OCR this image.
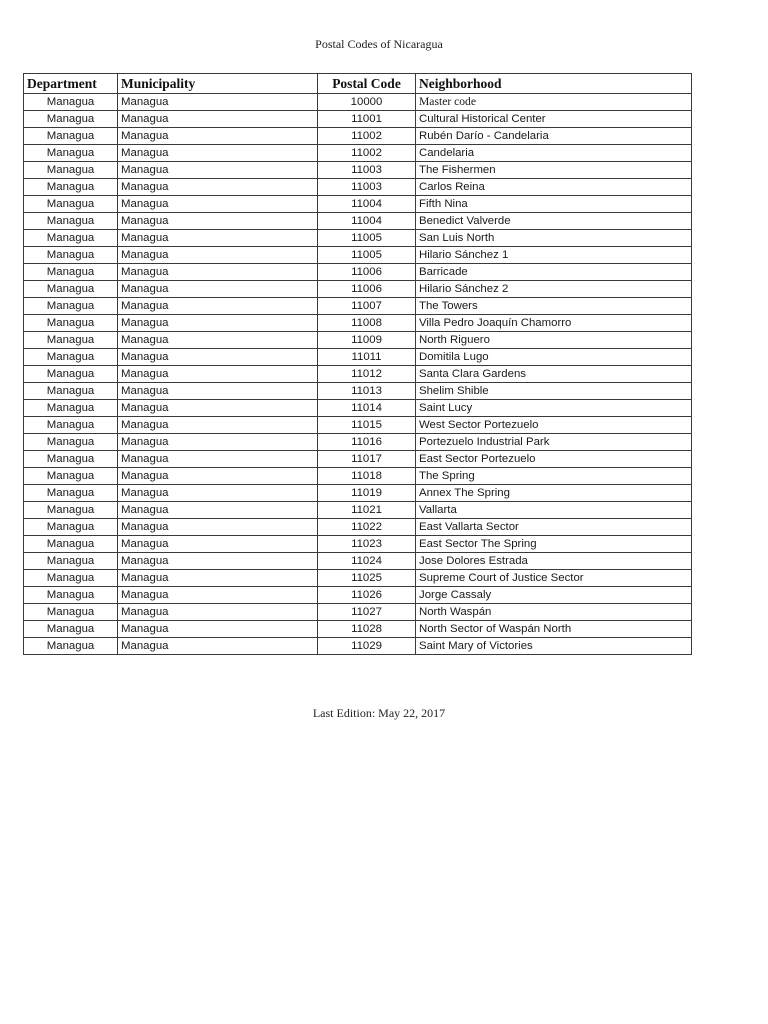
Postal Codes of Nicaragua
Department	Municipality	Postal Code	Neighborhood
Managua	Managua	10000	Master code
Managua	Managua	11001	Cultural Historical Center
Managua	Managua	11002	Rubén Darío - Candelaria
Managua	Managua	11002	Candelaria
Managua	Managua	11003	The Fishermen
Managua	Managua	11003	Carlos Reina
Managua	Managua	11004	Fifth Nina
Managua	Managua	11004	Benedict Valverde
Managua	Managua	11005	San Luis North
Managua	Managua	11005	Hilario Sánchez 1
Managua	Managua	11006	Barricade
Managua	Managua	11006	Hilario Sánchez 2
Managua	Managua	11007	The Towers
Managua	Managua	11008	Villa Pedro Joaquín Chamorro
Managua	Managua	11009	North Riguero
Managua	Managua	11011	Domitila Lugo
Managua	Managua	11012	Santa Clara Gardens
Managua	Managua	11013	Shelim Shible
Managua	Managua	11014	Saint Lucy
Managua	Managua	11015	West Sector Portezuelo
Managua	Managua	11016	Portezuelo Industrial Park
Managua	Managua	11017	East Sector Portezuelo
Managua	Managua	11018	The Spring
Managua	Managua	11019	Annex The Spring
Managua	Managua	11021	Vallarta
Managua	Managua	11022	East Vallarta Sector
Managua	Managua	11023	East Sector The Spring
Managua	Managua	11024	Jose Dolores Estrada
Managua	Managua	11025	Supreme Court of Justice Sector
Managua	Managua	11026	Jorge Cassaly
Managua	Managua	11027	North Waspán
Managua	Managua	11028	North Sector of Waspán North
Managua	Managua	11029	Saint Mary of Victories
Last Edition: May 22, 2017
